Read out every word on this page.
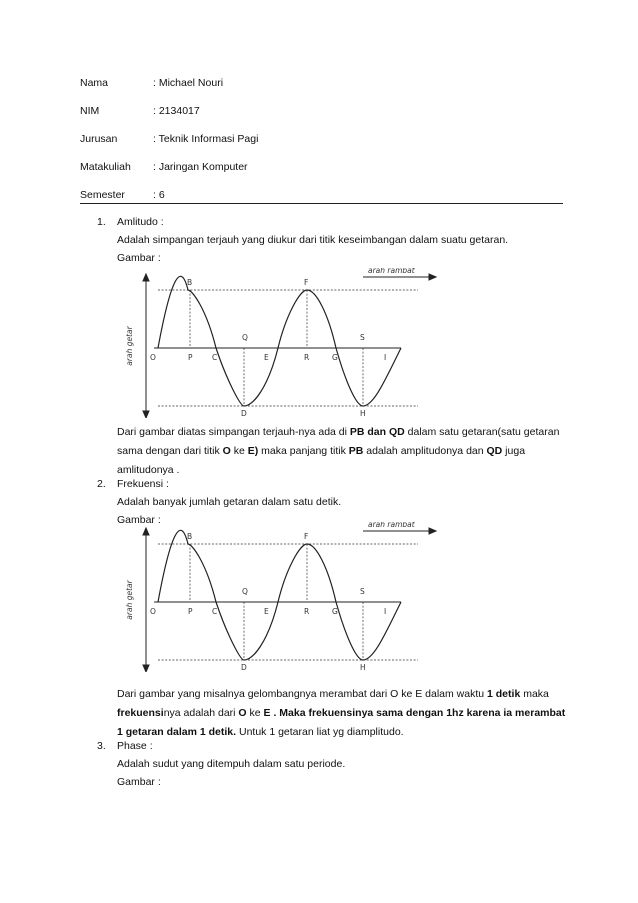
Nama	: Michael Nouri
NIM	: 2134017
Jurusan	: Teknik Informasi Pagi
Matakuliah	: Jaringan Komputer
Semester	: 6
1. Amlitudo :
Adalah simpangan terjauh yang diukur dari titik keseimbangan dalam suatu getaran.
Gambar :
arah getar
arah rambat
B	F
O	P	C
Q
E	R	G
S
I
D	H
Dari gambar diatas simpangan terjauh-nya ada di PB dan QD dalam satu getaran(satu getaran sama dengan dari titik O ke E) maka panjang titik PB adalah amplitudonya dan QD juga amlitudonya .
2. Frekuensi :
Adalah banyak jumlah getaran dalam satu detik.
Gambar :
arah getar
arah rambat
B	F
O	P	C
Q
E	R	G
S
I
D	H
Dari gambar yang misalnya gelombangnya merambat dari O ke E dalam waktu 1 detik maka frekuensinya adalah dari O ke E . Maka frekuensinya sama dengan 1hz karena ia merambat 1 getaran dalam 1 detik. Untuk 1 getaran liat yg diamplitudo.
3. Phase :
Adalah sudut yang ditempuh dalam satu periode.
Gambar :
